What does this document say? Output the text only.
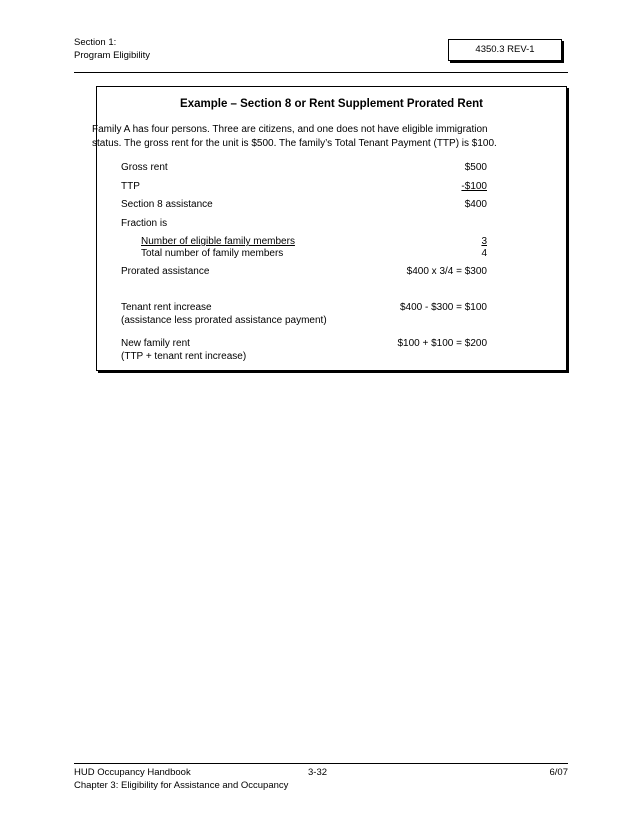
Section 1:
Program Eligibility
4350.3 REV-1
Example – Section 8 or Rent Supplement Prorated Rent
Family A has four persons. Three are citizens, and one does not have eligible immigration
status. The gross rent for the unit is $500. The family’s Total Tenant Payment (TTP) is $100.
Gross rent	$500
TTP	-$100
Section 8 assistance	$400
Fraction is
Number of eligible family members	3
Total number of family members	4
Prorated assistance	$400 x 3/4 = $300
Tenant rent increase	$400 - $300 = $100
(assistance less prorated assistance payment)
New family rent	$100 + $100 = $200
(TTP + tenant rent increase)
HUD Occupancy Handbook	3-32	6/07
Chapter 3: Eligibility for Assistance and Occupancy
